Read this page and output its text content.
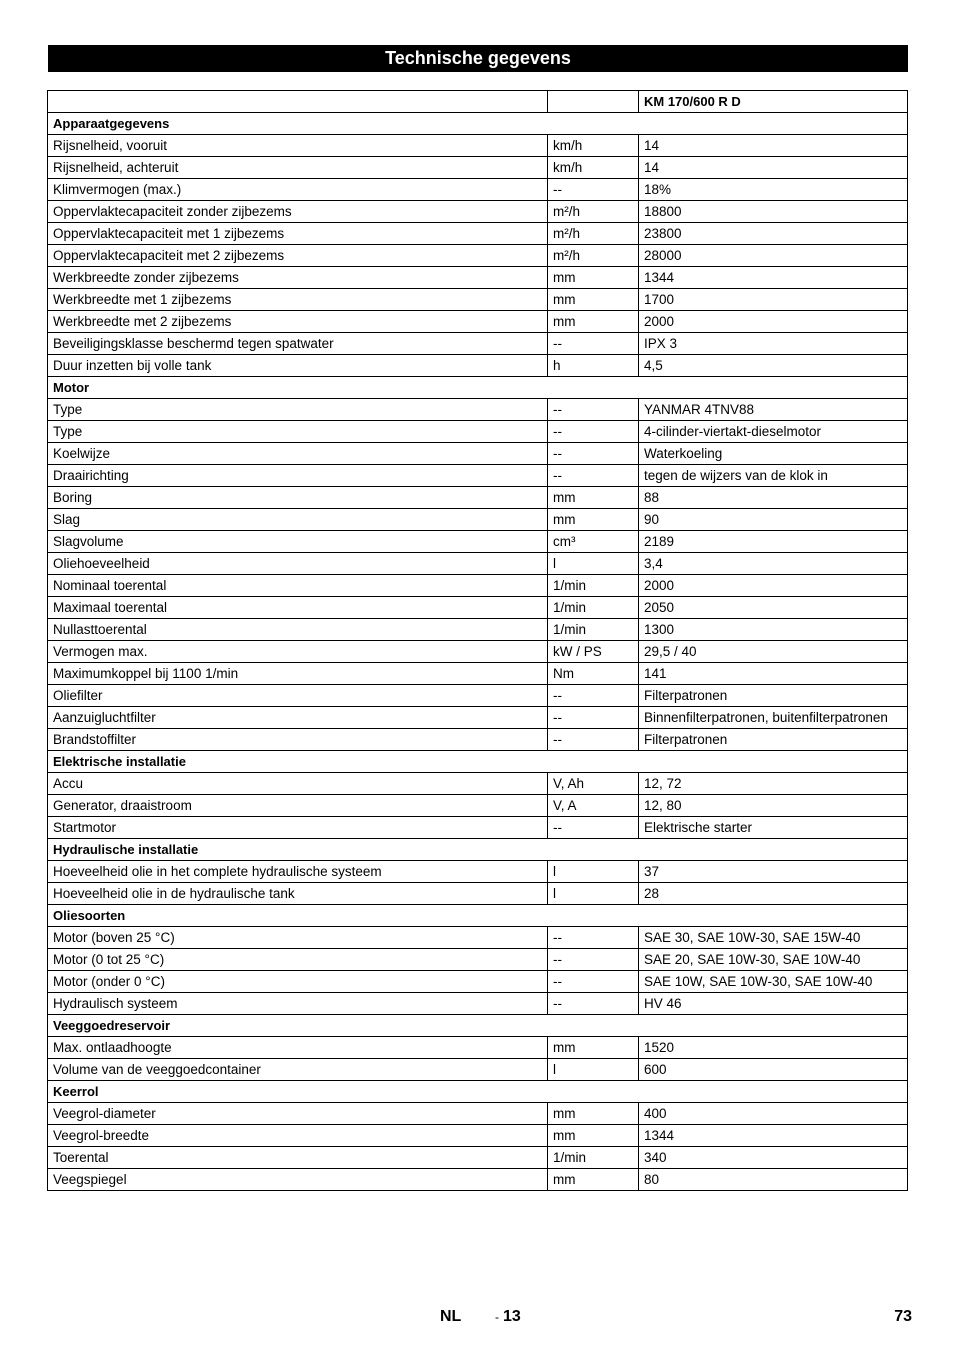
Technische gegevens
		KM 170/600 R D
Apparaatgegevens		
Rijsnelheid, vooruit	km/h	14
Rijsnelheid, achteruit	km/h	14
Klimvermogen (max.)	--	18%
Oppervlaktecapaciteit zonder zijbezems	m²/h	18800
Oppervlaktecapaciteit met 1 zijbezems	m²/h	23800
Oppervlaktecapaciteit met 2 zijbezems	m²/h	28000
Werkbreedte zonder zijbezems	mm	1344
Werkbreedte met 1 zijbezems	mm	1700
Werkbreedte met 2 zijbezems	mm	2000
Beveiligingsklasse beschermd tegen spatwater	--	IPX 3
Duur inzetten bij volle tank	h	4,5
Motor		
Type	--	YANMAR 4TNV88
Type	--	4-cilinder-viertakt-dieselmotor
Koelwijze	--	Waterkoeling
Draairichting	--	tegen de wijzers van de klok in
Boring	mm	88
Slag	mm	90
Slagvolume	cm³	2189
Oliehoeveelheid	l	3,4
Nominaal toerental	1/min	2000
Maximaal toerental	1/min	2050
Nullasttoerental	1/min	1300
Vermogen max.	kW / PS	29,5 / 40
Maximumkoppel bij 1100 1/min	Nm	141
Oliefilter	--	Filterpatronen
Aanzuigluchtfilter	--	Binnenfilterpatronen, buitenfilterpatronen
Brandstoffilter	--	Filterpatronen
Elektrische installatie		
Accu	V, Ah	12, 72
Generator, draaistroom	V, A	12, 80
Startmotor	--	Elektrische starter
Hydraulische installatie		
Hoeveelheid olie in het complete hydraulische systeem	l	37
Hoeveelheid olie in de hydraulische tank	l	28
Oliesoorten		
Motor (boven 25 °C)	--	SAE 30, SAE 10W-30, SAE 15W-40
Motor (0 tot 25 °C)	--	SAE 20, SAE 10W-30, SAE 10W-40
Motor (onder 0 °C)	--	SAE 10W, SAE 10W-30, SAE 10W-40
Hydraulisch systeem	--	HV 46
Veeggoedreservoir		
Max. ontlaadhoogte	mm	1520
Volume van de veeggoedcontainer	l	600
Keerrol		
Veegrol-diameter	mm	400
Veegrol-breedte	mm	1344
Toerental	1/min	340
Veegspiegel	mm	80
NL	- 13	73
